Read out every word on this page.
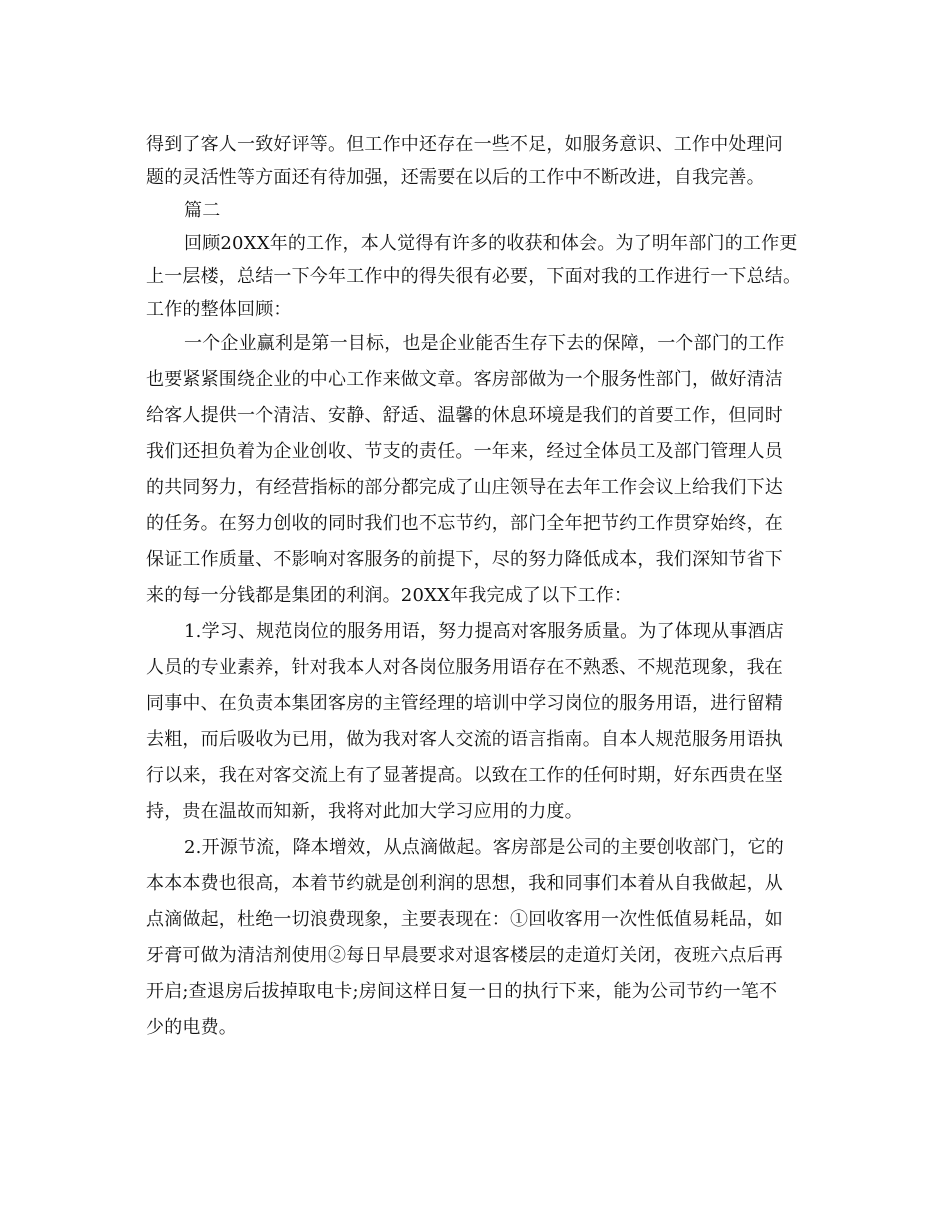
得到了客人一致好评等。但工作中还存在一些不足，如服务意识、工作中处理问
题的灵活性等方面还有待加强，还需要在以后的工作中不断改进，自我完善。
篇二
回顾20XX年的工作，本人觉得有许多的收获和体会。为了明年部门的工作更
上一层楼，总结一下今年工作中的得失很有必要，下面对我的工作进行一下总结。
工作的整体回顾：
一个企业赢利是第一目标，也是企业能否生存下去的保障，一个部门的工作
也要紧紧围绕企业的中心工作来做文章。客房部做为一个服务性部门，做好清洁
给客人提供一个清洁、安静、舒适、温馨的休息环境是我们的首要工作，但同时
我们还担负着为企业创收、节支的责任。一年来，经过全体员工及部门管理人员
的共同努力，有经营指标的部分都完成了山庄领导在去年工作会议上给我们下达
的任务。在努力创收的同时我们也不忘节约，部门全年把节约工作贯穿始终，在
保证工作质量、不影响对客服务的前提下，尽的努力降低成本，我们深知节省下
来的每一分钱都是集团的利润。20XX年我完成了以下工作：
1.学习、规范岗位的服务用语，努力提高对客服务质量。为了体现从事酒店
人员的专业素养，针对我本人对各岗位服务用语存在不熟悉、不规范现象，我在
同事中、在负责本集团客房的主管经理的培训中学习岗位的服务用语，进行留精
去粗，而后吸收为已用，做为我对客人交流的语言指南。自本人规范服务用语执
行以来，我在对客交流上有了显著提高。以致在工作的任何时期，好东西贵在坚
持，贵在温故而知新，我将对此加大学习应用的力度。
2.开源节流，降本增效，从点滴做起。客房部是公司的主要创收部门，它的
本本本费也很高，本着节约就是创利润的思想，我和同事们本着从自我做起，从
点滴做起，杜绝一切浪费现象，主要表现在：①回收客用一次性低值易耗品，如
牙膏可做为清洁剂使用②每日早晨要求对退客楼层的走道灯关闭，夜班六点后再
开启;查退房后拔掉取电卡;房间这样日复一日的执行下来，能为公司节约一笔不
少的电费。
